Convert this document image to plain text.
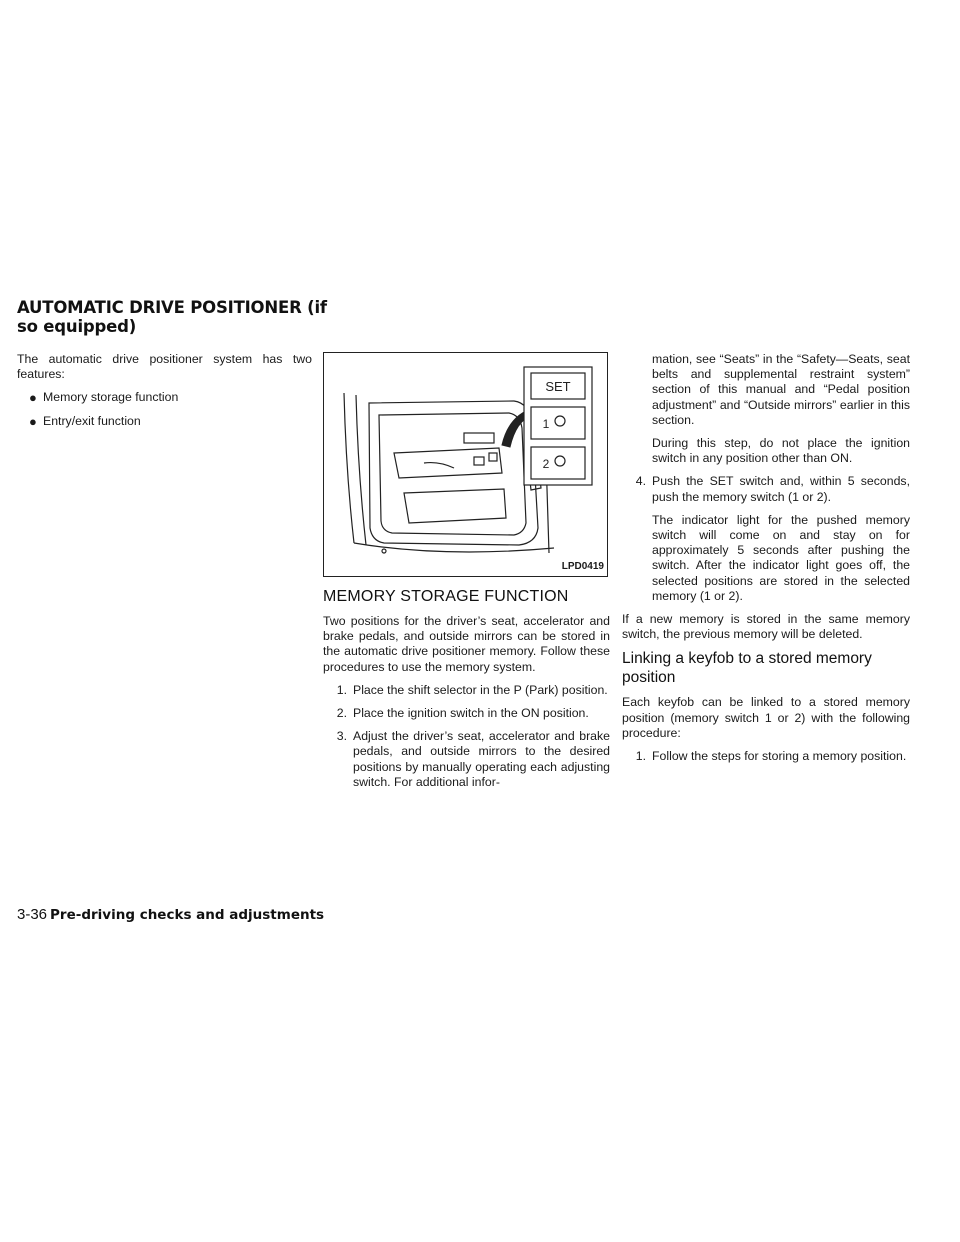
AUTOMATIC DRIVE POSITIONER (if so equipped)

The automatic drive positioner system has two features:

● Memory storage function
● Entry/exit function
SET
1
2
LPD0419
MEMORY STORAGE FUNCTION

Two positions for the driver’s seat, accelerator and brake pedals, and outside mirrors can be stored in the automatic drive positioner memory. Follow these procedures to use the memory system.

1. Place the shift selector in the P (Park) position.
2. Place the ignition switch in the ON position.
3. Adjust the driver’s seat, accelerator and brake pedals, and outside mirrors to the desired positions by manually operating each adjusting switch. For additional infor-

mation, see “Seats” in the “Safety—Seats, seat belts and supplemental restraint system” section of this manual and “Pedal position adjustment” and “Outside mirrors” earlier in this section.

During this step, do not place the ignition switch in any position other than ON.

4. Push the SET switch and, within 5 seconds, push the memory switch (1 or 2).

The indicator light for the pushed memory switch will come on and stay on for approximately 5 seconds after pushing the switch. After the indicator light goes off, the selected positions are stored in the selected memory (1 or 2).

If a new memory is stored in the same memory switch, the previous memory will be deleted.

Linking a keyfob to a stored memory position

Each keyfob can be linked to a stored memory position (memory switch 1 or 2) with the following procedure:

1. Follow the steps for storing a memory position.
3-36 Pre-driving checks and adjustments
